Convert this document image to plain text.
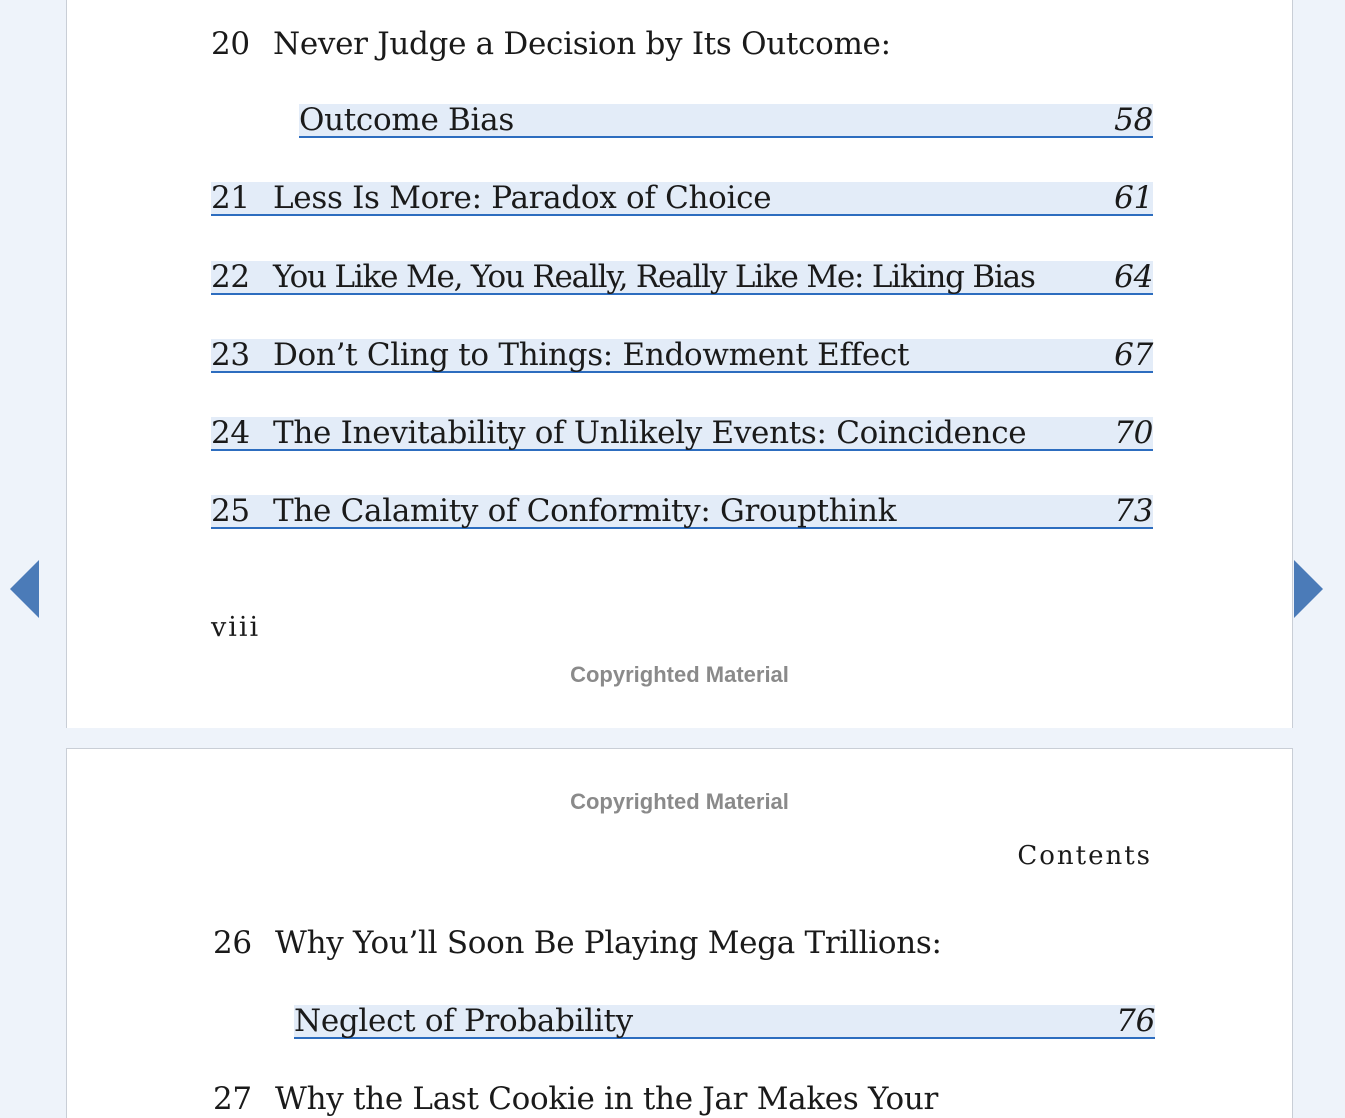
20 Never Judge a Decision by Its Outcome:
Outcome Bias	58
21 Less Is More: Paradox of Choice	61
22 You Like Me, You Really, Really Like Me: Liking Bias	64
23 Don’t Cling to Things: Endowment Effect	67
24 The Inevitability of Unlikely Events: Coincidence	70
25 The Calamity of Conformity: Groupthink	73
viii
Copyrighted Material
Copyrighted Material
Contents
26 Why You’ll Soon Be Playing Mega Trillions:
Neglect of Probability	76
27 Why the Last Cookie in the Jar Makes Your
